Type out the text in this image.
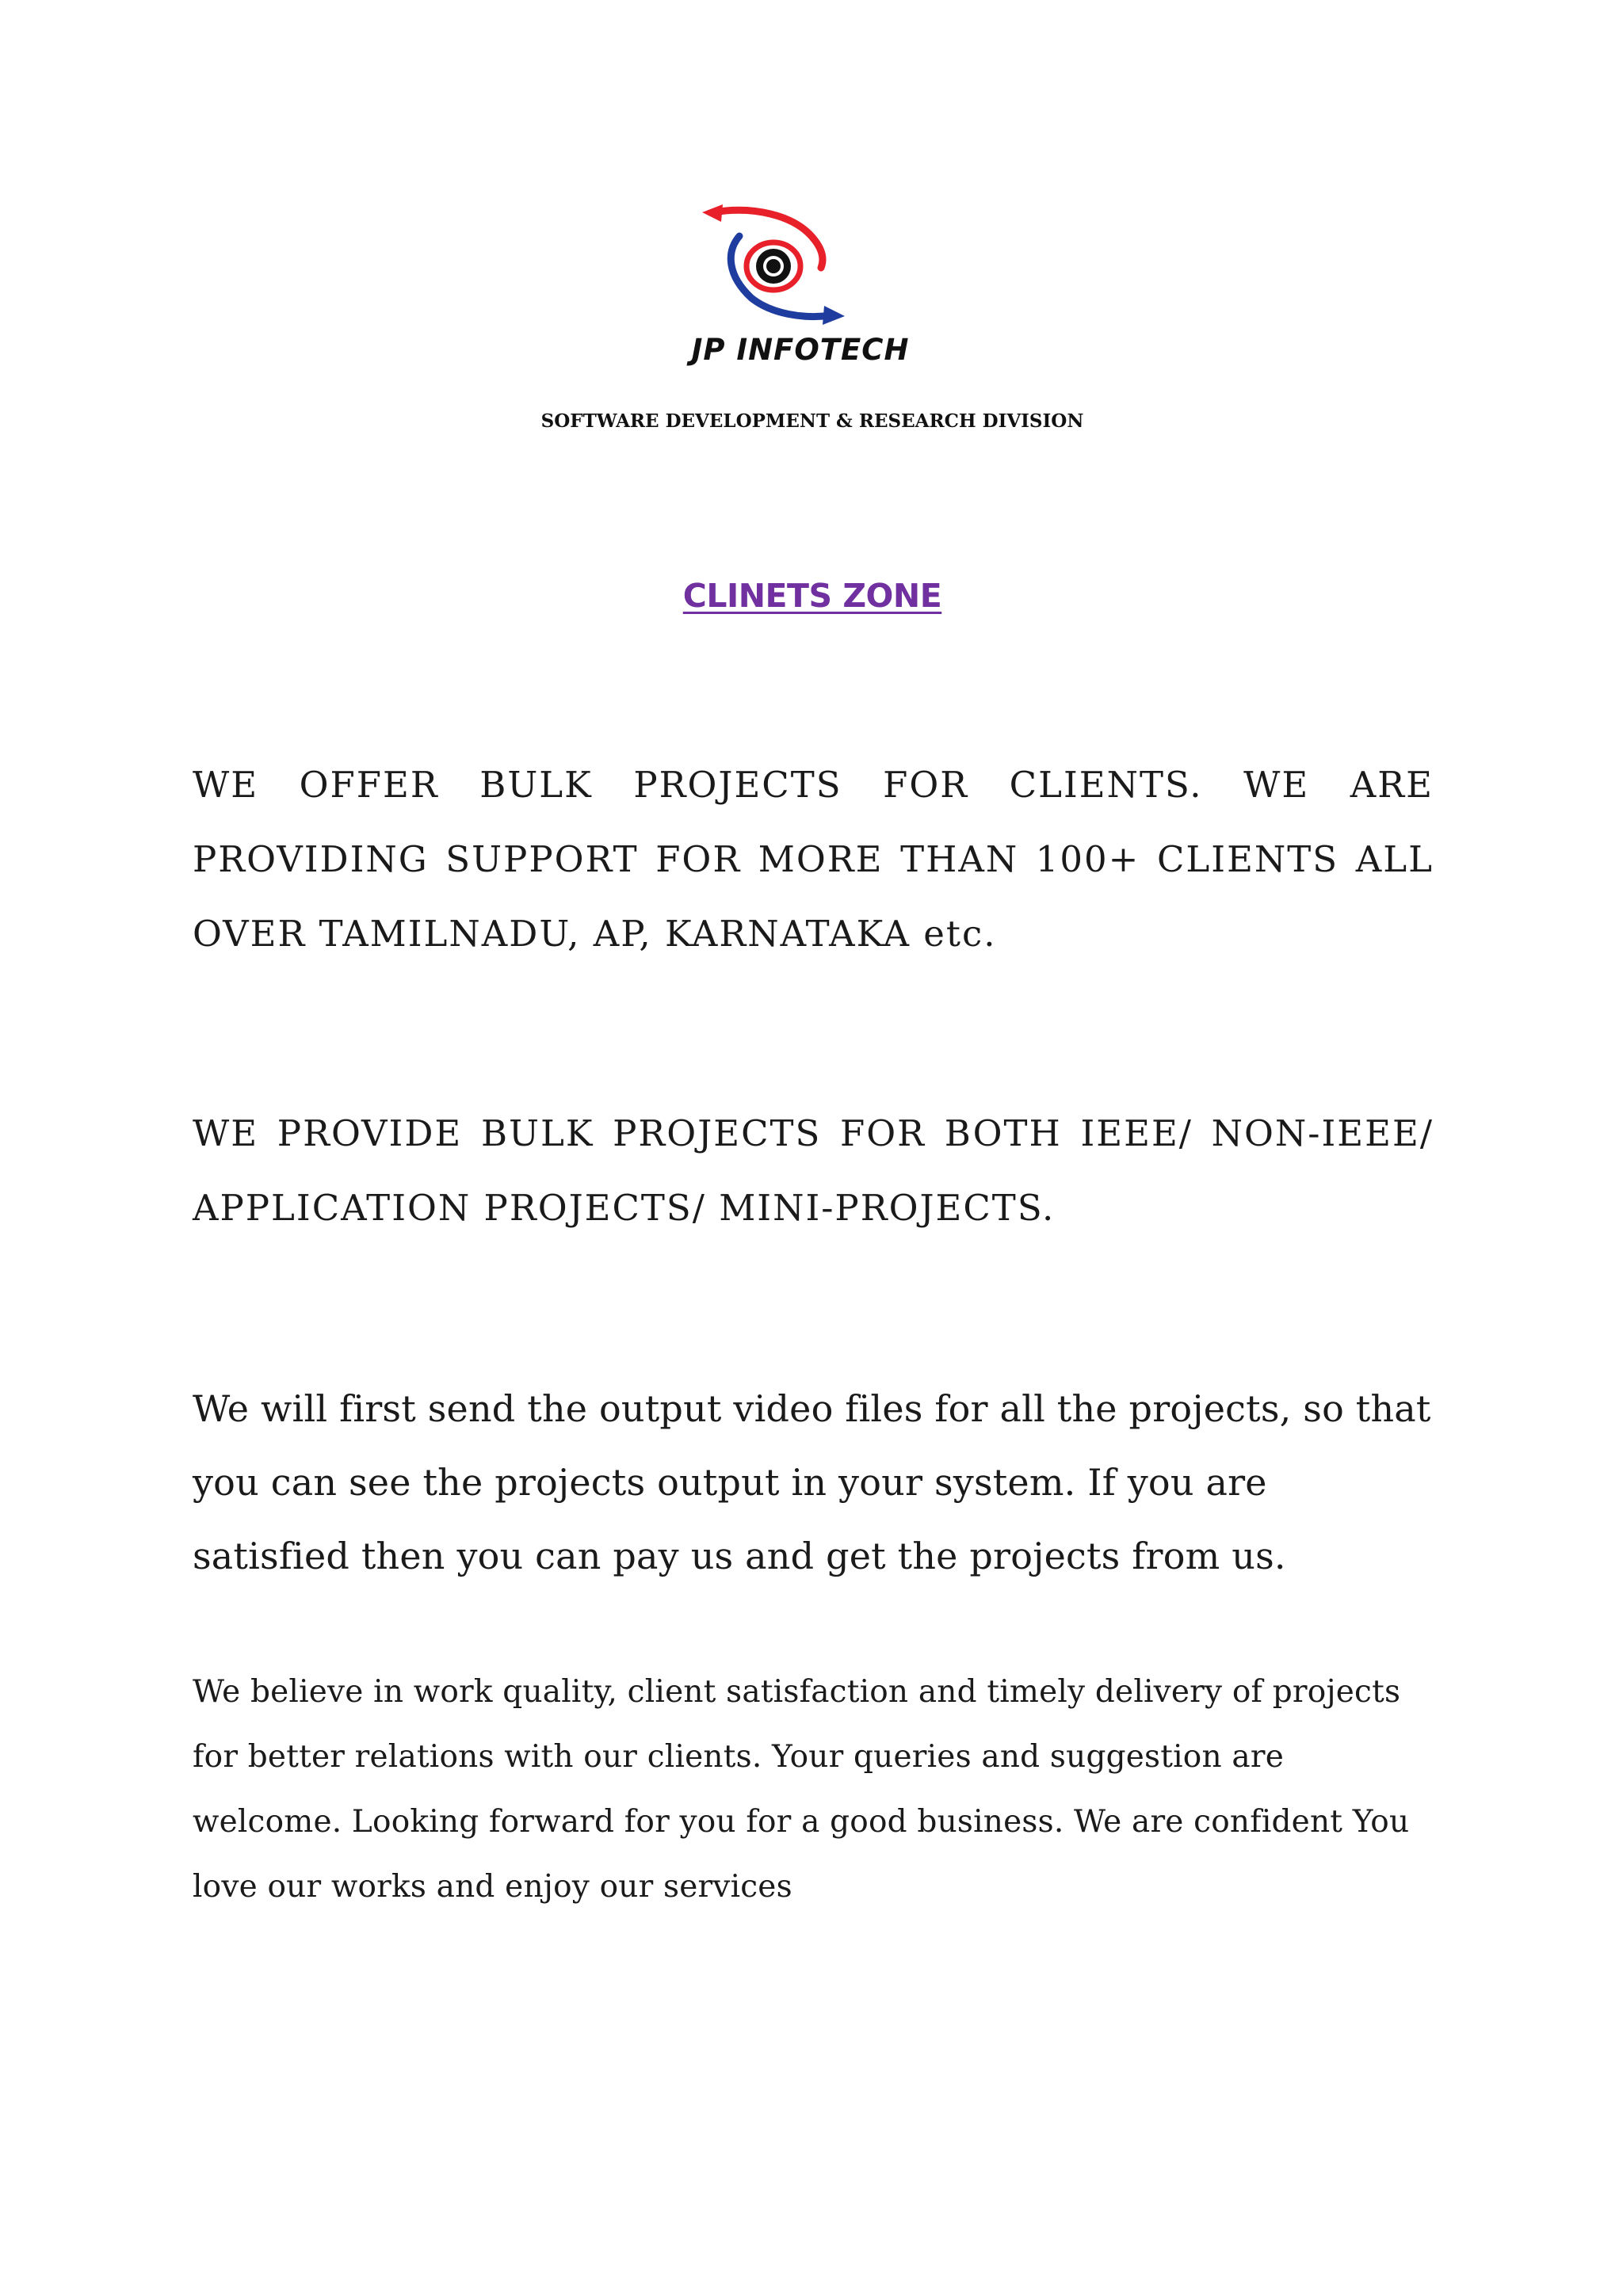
JP INFOTECH
SOFTWARE DEVELOPMENT & RESEARCH DIVISION
CLINETS ZONE
WE OFFER BULK PROJECTS FOR CLIENTS. WE ARE PROVIDING SUPPORT FOR MORE THAN 100+ CLIENTS ALL OVER TAMILNADU, AP, KARNATAKA etc.
WE PROVIDE BULK PROJECTS FOR BOTH IEEE/ NON-IEEE/ APPLICATION PROJECTS/ MINI-PROJECTS.
We will first send the output video files for all the projects, so that you can see the projects output in your system. If you are satisfied then you can pay us and get the projects from us.
We believe in work quality, client satisfaction and timely delivery of projects for better relations with our clients. Your queries and suggestion are welcome. Looking forward for you for a good business. We are confident You love our works and enjoy our services
